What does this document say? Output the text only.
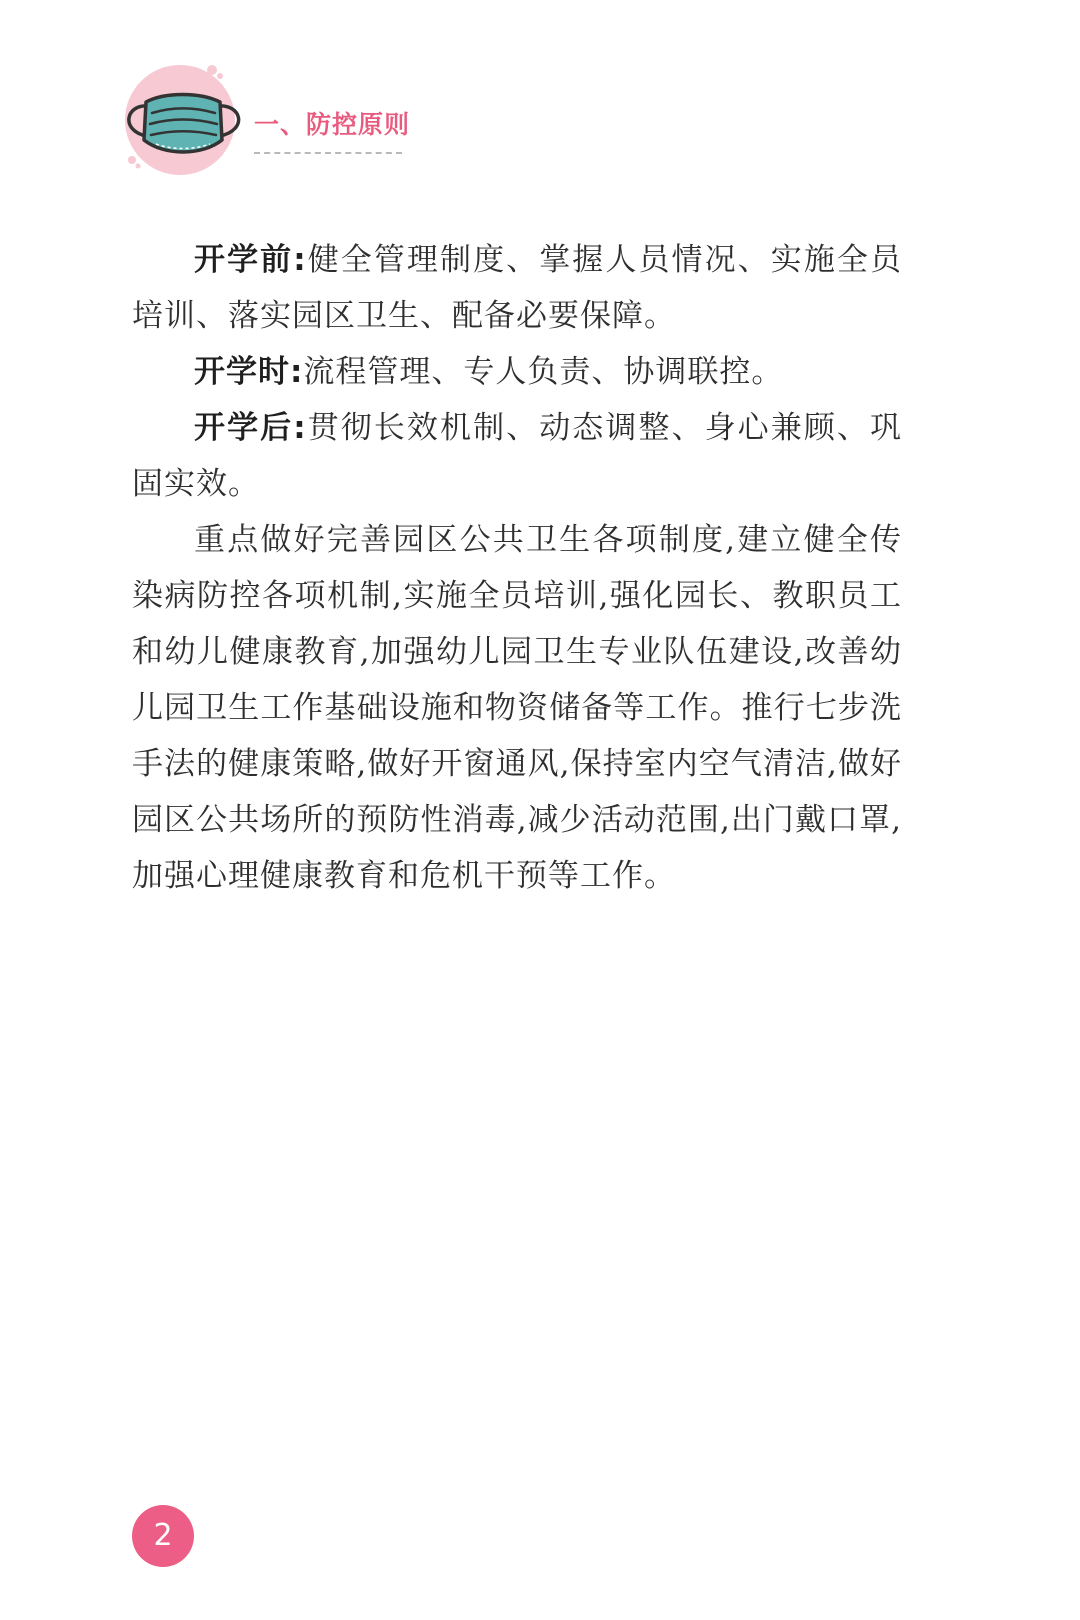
一、防控原则

开学前:健全管理制度、掌握人员情况、实施全员培训、落实园区卫生、配备必要保障。

开学时:流程管理、专人负责、协调联控。

开学后:贯彻长效机制、动态调整、身心兼顾、巩固实效。

重点做好完善园区公共卫生各项制度,建立健全传染病防控各项机制,实施全员培训,强化园长、教职员工和幼儿健康教育,加强幼儿园卫生专业队伍建设,改善幼儿园卫生工作基础设施和物资储备等工作。推行七步洗手法的健康策略,做好开窗通风,保持室内空气清洁,做好园区公共场所的预防性消毒,减少活动范围,出门戴口罩,加强心理健康教育和危机干预等工作。

2
